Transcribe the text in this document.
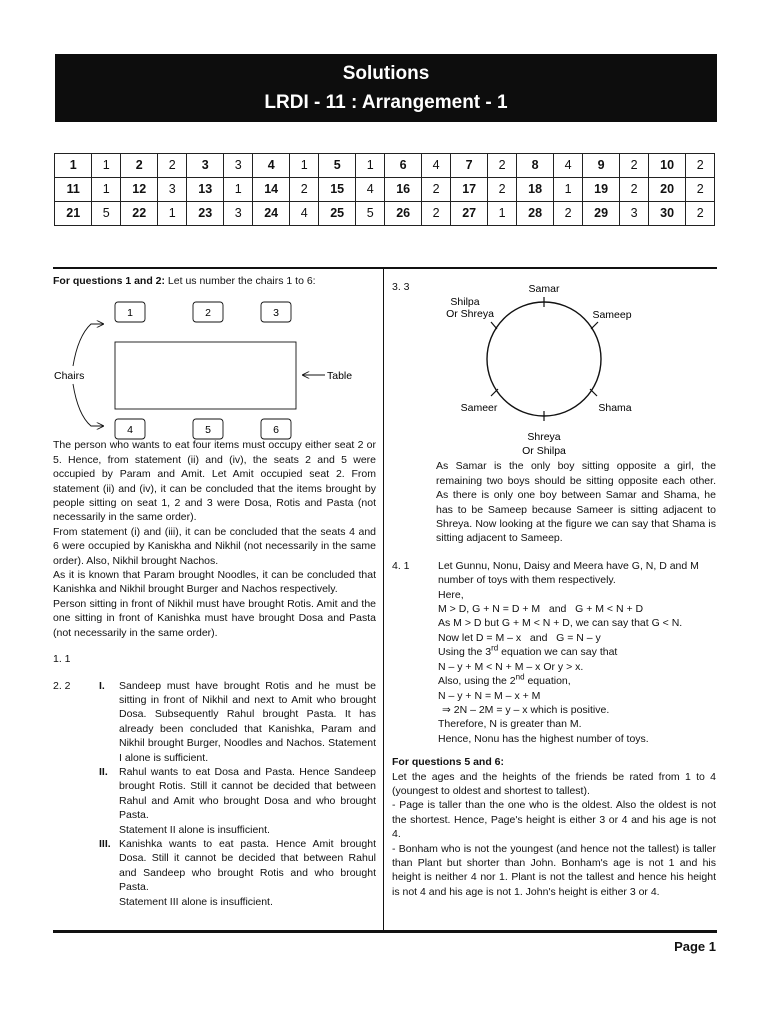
Solutions
LRDI - 11 : Arrangement - 1
1	1	2	2	3	3	4	1	5	1	6	4	7	2	8	4	9	2	10	2
11	1	12	3	13	1	14	2	15	4	16	2	17	2	18	1	19	2	20	2
21	5	22	1	23	3	24	4	25	5	26	2	27	1	28	2	29	3	30	2

For questions 1 and 2: Let us number the chairs 1 to 6:

1	2	3
4	5	6
Chairs	Table

The person who wants to eat four items must occupy either seat 2 or 5. Hence, from statement (ii) and (iv), the seats 2 and 5 were occupied by Param and Amit. Let Amit occupied seat 2. From statement (ii) and (iv), it can be concluded that the items brought by people sitting on seat 1, 2 and 3 were Dosa, Rotis and Pasta (not necessarily in the same order).

From statement (i) and (iii), it can be concluded that the seats 4 and 6 were occupied by Kaniskha and Nikhil (not necessarily in the same order). Also, Nikhil brought Nachos.

As it is known that Param brought Noodles, it can be concluded that Kanishka and Nikhil brought Burger and Nachos respectively.

Person sitting in front of Nikhil must have brought Rotis. Amit and the one sitting in front of Kanishka must have brought Dosa and Pasta (not necessarily in the same order).

1. 1

2. 2	I.	Sandeep must have brought Rotis and he must be sitting in front of Nikhil and next to Amit who brought Dosa. Subsequently Rahul brought Pasta. It has already been concluded that Kanishka, Param and Nikhil brought Burger, Noodles and Nachos. Statement I alone is sufficient.
II.	Rahul wants to eat Dosa and Pasta. Hence Sandeep brought Rotis. Still it cannot be decided that between Rahul and Amit who brought Dosa and who brought Pasta.

Statement II alone is insufficient.

III. Kanishka wants to eat pasta. Hence Amit brought Dosa. Still it cannot be decided that between Rahul and Sandeep who brought Rotis and who brought Pasta.

Statement III alone is insufficient.

3. 3	Samar
Shilpa
Or Shreya	Sameep
Sameer	Shama
Shreya
Or Shilpa

As Samar is the only boy sitting opposite a girl, the remaining two boys should be sitting opposite each other. As there is only one boy between Samar and Shama, he has to be Sameep because Sameer is sitting adjacent to Shreya. Now looking at the figure we can say that Shama is sitting adjacent to Sameep.

4. 1	Let Gunnu, Nonu, Daisy and Meera have G, N, D and M number of toys with them respectively.

Here,

M > D, G + N = D + M   and   G + M < N + D

As M > D but G + M < N + D, we can say that G < N.

Now let D = M – x   and   G = N – y

Using the 3rd equation we can say that

N – y + M < N + M – x Or y > x.

Also, using the 2nd equation,

N – y + N = M – x + M

⇒ 2N – 2M = y – x which is positive.

Therefore, N is greater than M.

Hence, Nonu has the highest number of toys.

For questions 5 and 6:

Let the ages and the heights of the friends be rated from 1 to 4 (youngest to oldest and shortest to tallest).

- Page is taller than the one who is the oldest. Also the oldest is not the shortest. Hence, Page's height is either 3 or 4 and his age is not 4.

- Bonham who is not the youngest (and hence not the tallest) is taller than Plant but shorter than John. Bonham's age is not 1 and his height is neither 4 nor 1. Plant is not the tallest and hence his height is not 4 and his age is not 1. John's height is either 3 or 4.

Page 1
